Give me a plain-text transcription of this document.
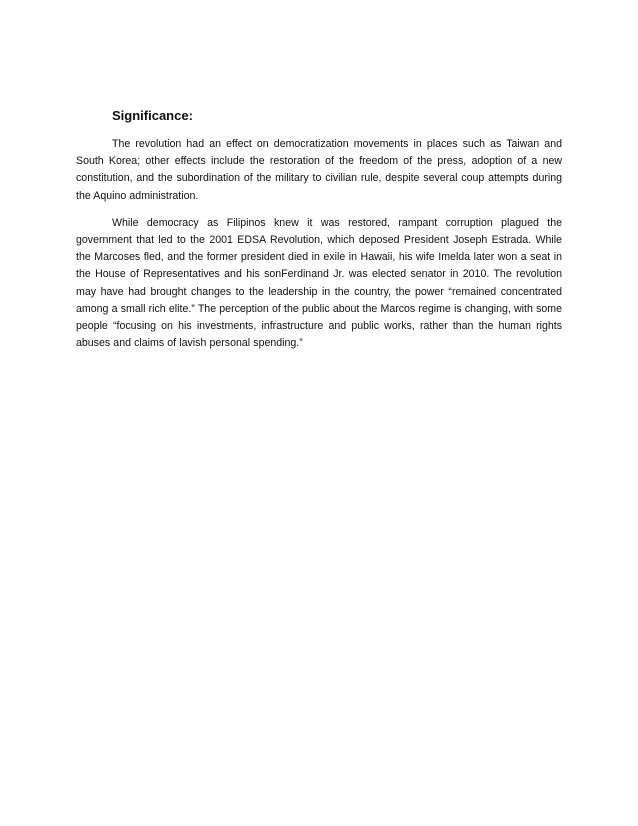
Significance:

The revolution had an effect on democratization movements in places such as Taiwan and South Korea; other effects include the restoration of the freedom of the press, adoption of a new constitution, and the subordination of the military to civilian rule, despite several coup attempts during the Aquino administration.

While democracy as Filipinos knew it was restored, rampant corruption plagued the government that led to the 2001 EDSA Revolution, which deposed President Joseph Estrada. While the Marcoses fled, and the former president died in exile in Hawaii, his wife Imelda later won a seat in the House of Representatives and his sonFerdinand Jr. was elected senator in 2010. The revolution may have had brought changes to the leadership in the country, the power “remained concentrated among a small rich elite.” The perception of the public about the Marcos regime is changing, with some people “focusing on his investments, infrastructure and public works, rather than the human rights abuses and claims of lavish personal spending.”
